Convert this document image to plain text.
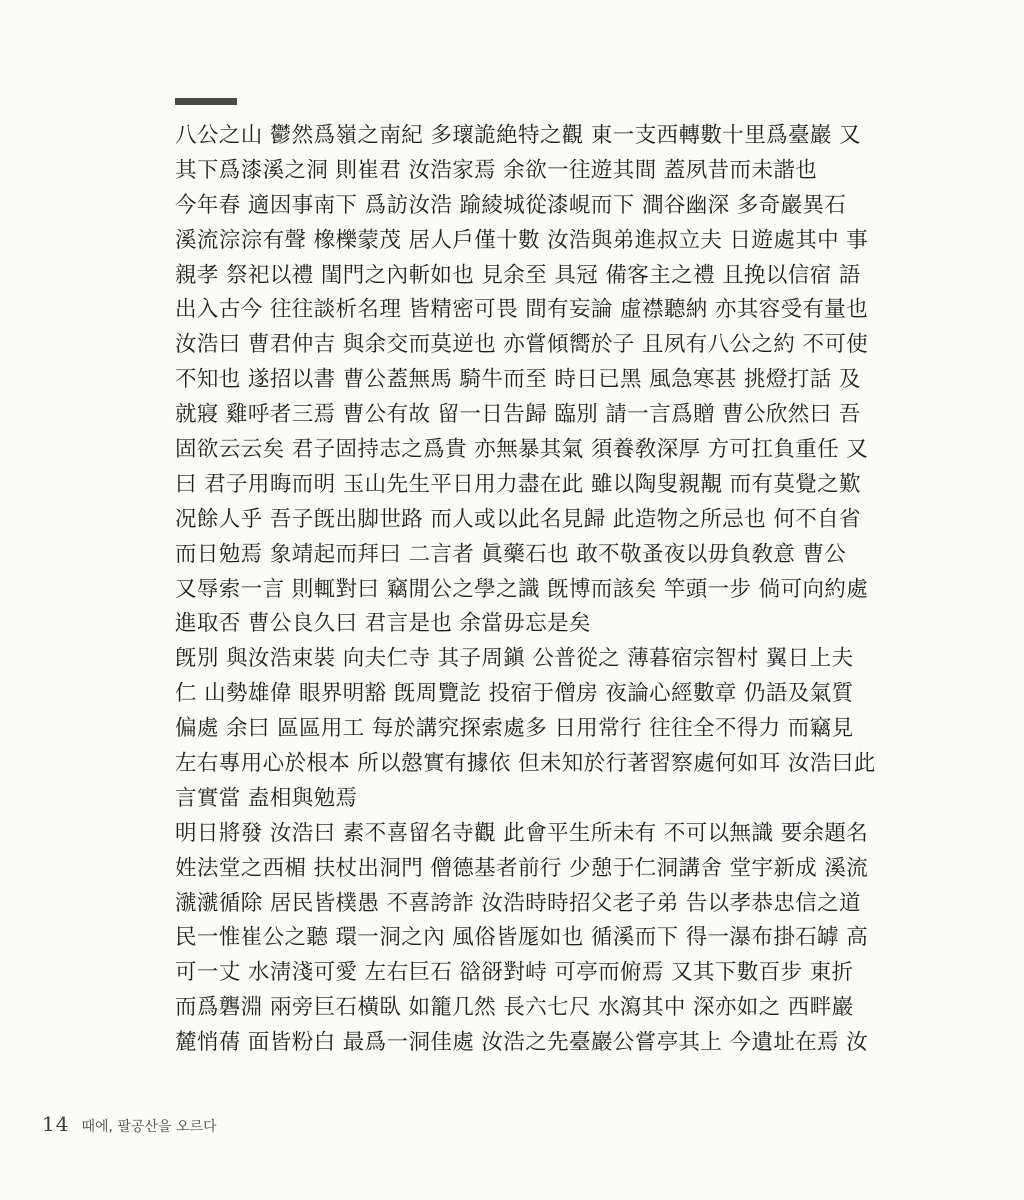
八公之山 鬱然爲嶺之南紀 多瓌詭絶特之觀 東一支西轉數十里爲臺巖 又
其下爲漆溪之洞 則崔君 汝浩家焉 余欲一往遊其間 蓋夙昔而未諧也
今年春 適因事南下 爲訪汝浩 踰綾城從漆峴而下 澗谷幽深 多奇巖異石
溪流淙淙有聲 橡櫟蒙茂 居人戶僅十數 汝浩與弟進叔立夫 日遊處其中 事
親孝 祭祀以禮 閨門之內斬如也 見余至 具冠 備客主之禮 且挽以信宿 語
出入古今 往往談析名理 皆精密可畏 間有妄論 虛襟聽納 亦其容受有量也
汝浩曰 曹君仲吉 與余交而莫逆也 亦嘗傾嚮於子 且夙有八公之約 不可使
不知也 遂招以書 曹公蓋無馬 騎牛而至 時日已黑 風急寒甚 挑燈打話 及
就寢 雞呼者三焉 曹公有故 留一日告歸 臨別 請一言爲贈 曹公欣然曰 吾
固欲云云矣 君子固持志之爲貴 亦無暴其氣 須養敎深厚 方可扛負重任 又
曰 君子用晦而明 玉山先生平日用力盡在此 雖以陶叟親覯 而有莫覺之歎
况餘人乎 吾子旣出脚世路 而人或以此名見歸 此造物之所忌也 何不自省
而日勉焉 象靖起而拜曰 二言者 眞藥石也 敢不敬蚤夜以毋負敎意 曹公
又辱索一言 則輒對曰 竊閒公之學之識 旣博而該矣 竿頭一步 倘可向約處
進取否 曹公良久曰 君言是也 余當毋忘是矣
旣別 與汝浩束裝 向夫仁寺 其子周鎭 公普從之 薄暮宿宗智村 翼日上夫
仁 山勢雄偉 眼界明豁 旣周覽訖 投宿于僧房 夜論心經數章 仍語及氣質
偏處 余曰 區區用工 每於講究探索處多 日用常行 往往全不得力 而竊見
左右專用心於根本 所以慤實有據依 但未知於行著習察處何如耳 汝浩曰此
言實當 盍相與勉焉
明日將發 汝浩曰 素不喜留名寺觀 此會平生所未有 不可以無識 要余題名
姓法堂之西楣 扶杖出洞門 僧德基者前行 少憩于仁洞講舍 堂宇新成 溪流
㶁㶁循除 居民皆樸愚 不喜誇詐 汝浩時時招父老子弟 告以孝恭忠信之道
民一惟崔公之聽 環一洞之內 風俗皆厖如也 循溪而下 得一瀑布掛石罅 高
可一丈 水淸淺可愛 左右巨石 谽谺對峙 可亭而俯焉 又其下數百步 東折
而爲礱淵 兩旁巨石橫臥 如籠几然 長六七尺 水瀉其中 深亦如之 西畔巖
麓悄蒨 面皆粉白 最爲一洞佳處 汝浩之先臺巖公嘗亭其上 今遺址在焉 汝
14 때에, 팔공산을 오르다
